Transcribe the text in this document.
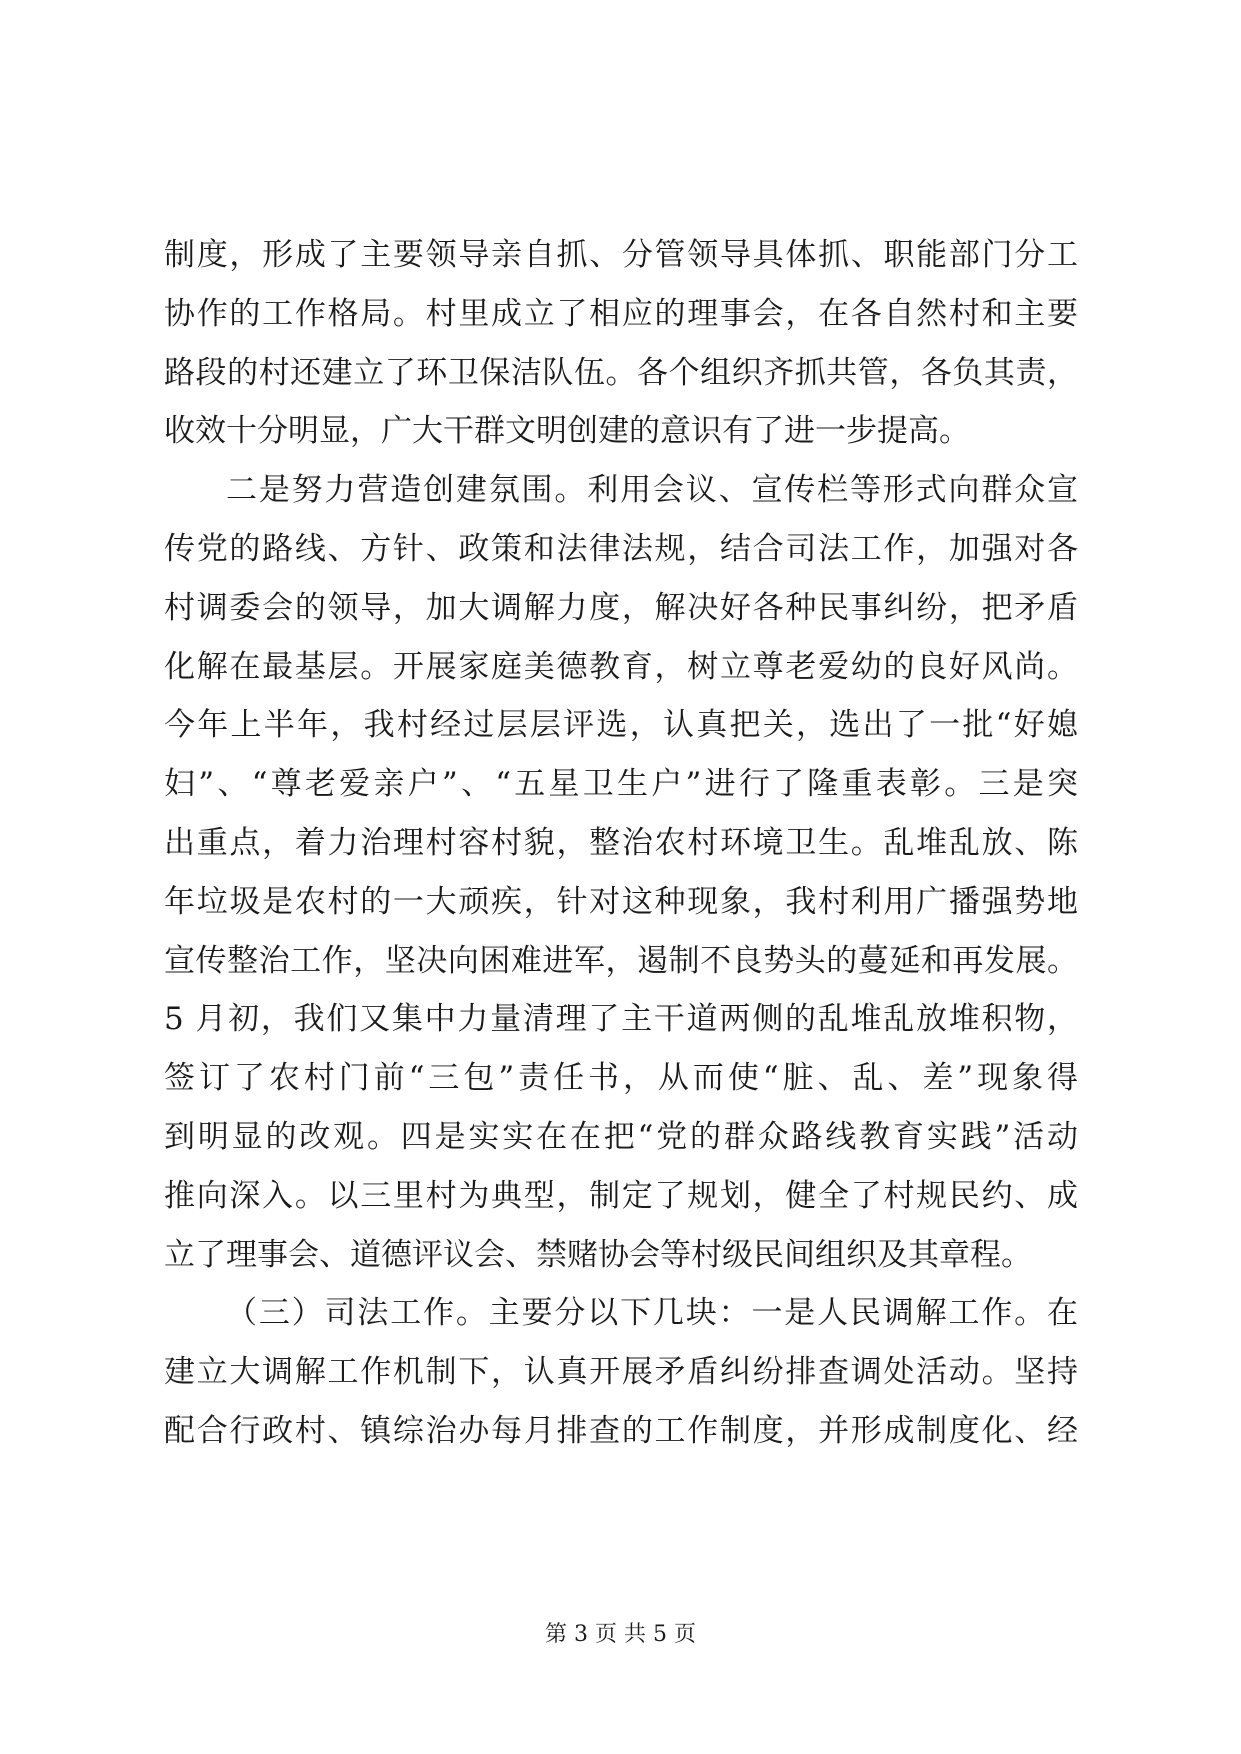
制度，形成了主要领导亲自抓、分管领导具体抓、职能部门分工
协作的工作格局。村里成立了相应的理事会，在各自然村和主要
路段的村还建立了环卫保洁队伍。各个组织齐抓共管，各负其责，
收效十分明显，广大干群文明创建的意识有了进一步提高。
二是努力营造创建氛围。利用会议、宣传栏等形式向群众宣
传党的路线、方针、政策和法律法规，结合司法工作，加强对各
村调委会的领导，加大调解力度，解决好各种民事纠纷，把矛盾
化解在最基层。开展家庭美德教育，树立尊老爱幼的良好风尚。
今年上半年，我村经过层层评选，认真把关，选出了一批“好媳
妇”、“尊老爱亲户”、“五星卫生户”进行了隆重表彰。三是突
出重点，着力治理村容村貌，整治农村环境卫生。乱堆乱放、陈
年垃圾是农村的一大顽疾，针对这种现象，我村利用广播强势地
宣传整治工作，坚决向困难进军，遏制不良势头的蔓延和再发展。
5 月初，我们又集中力量清理了主干道两侧的乱堆乱放堆积物，
签订了农村门前“三包”责任书，从而使“脏、乱、差”现象得
到明显的改观。四是实实在在把“党的群众路线教育实践”活动
推向深入。以三里村为典型，制定了规划，健全了村规民约、成
立了理事会、道德评议会、禁赌协会等村级民间组织及其章程。
（三）司法工作。主要分以下几块：一是人民调解工作。在
建立大调解工作机制下，认真开展矛盾纠纷排查调处活动。坚持
配合行政村、镇综治办每月排查的工作制度，并形成制度化、经
第 3 页 共 5 页
